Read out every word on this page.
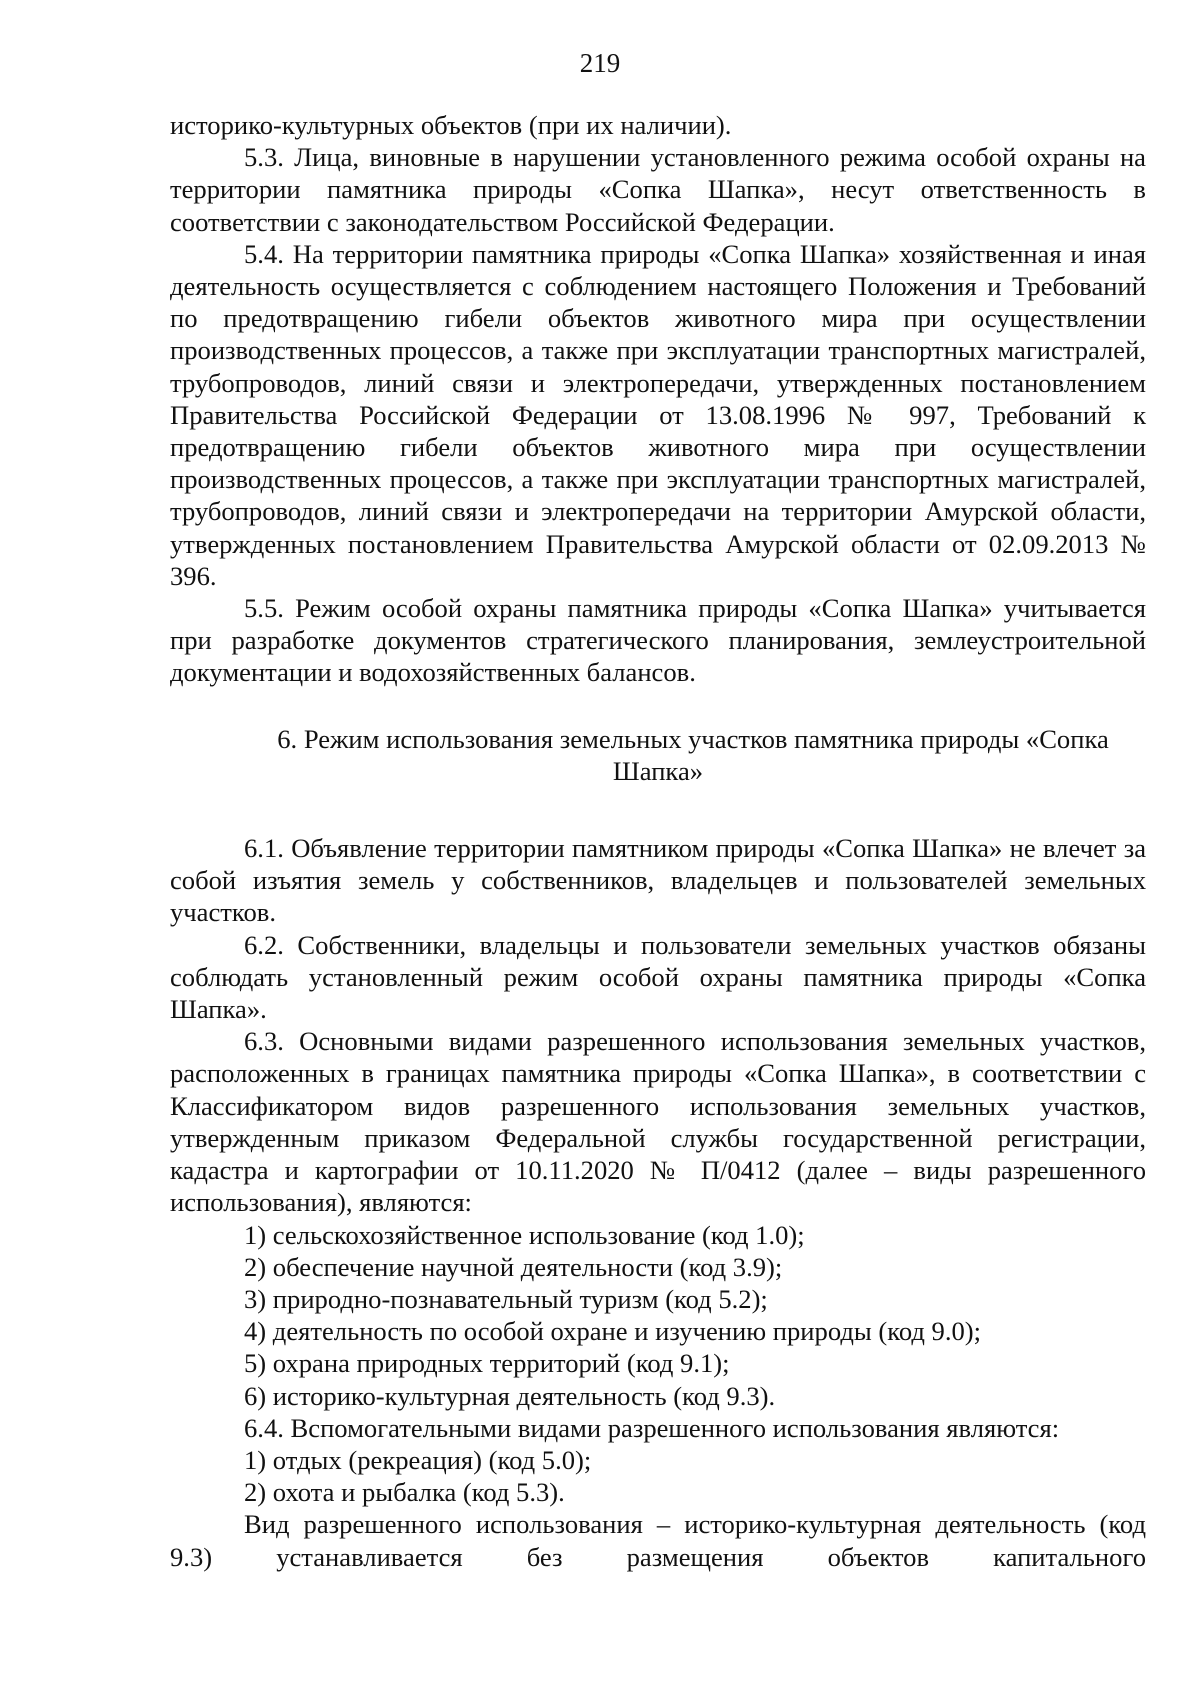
219

историко-культурных объектов (при их наличии).

5.3. Лица, виновные в нарушении установленного режима особой охраны на территории памятника природы «Сопка Шапка», несут ответственность в соответствии с законодательством Российской Федерации.

5.4. На территории памятника природы «Сопка Шапка» хозяйственная и иная деятельность осуществляется с соблюдением настоящего Положения и Требований по предотвращению гибели объектов животного мира при осуществлении производственных процессов, а также при эксплуатации транспортных магистралей, трубопроводов, линий связи и электропередачи, утвержденных постановлением Правительства Российской Федерации от 13.08.1996 № 997, Требований к предотвращению гибели объектов животного мира при осуществлении производственных процессов, а также при эксплуатации транспортных магистралей, трубопроводов, линий связи и электропередачи на территории Амурской области, утвержденных постановлением Правительства Амурской области от 02.09.2013 № 396.

5.5. Режим особой охраны памятника природы «Сопка Шапка» учитывается при разработке документов стратегического планирования, землеустроительной документации и водохозяйственных балансов.

6. Режим использования земельных участков памятника природы «Сопка
Шапка»

6.1. Объявление территории памятником природы «Сопка Шапка» не влечет за собой изъятия земель у собственников, владельцев и пользователей земельных участков.

6.2. Собственники, владельцы и пользователи земельных участков обязаны соблюдать установленный режим особой охраны памятника природы «Сопка Шапка».

6.3. Основными видами разрешенного использования земельных участков, расположенных в границах памятника природы «Сопка Шапка», в соответствии с Классификатором видов разрешенного использования земельных участков, утвержденным приказом Федеральной службы государственной регистрации, кадастра и картографии от 10.11.2020 № П/0412 (далее – виды разрешенного использования), являются:

1) сельскохозяйственное использование (код 1.0);

2) обеспечение научной деятельности (код 3.9);

3) природно-познавательный туризм (код 5.2);

4) деятельность по особой охране и изучению природы (код 9.0);

5) охрана природных территорий (код 9.1);

6) историко-культурная деятельность (код 9.3).

6.4. Вспомогательными видами разрешенного использования являются:

1) отдых (рекреация) (код 5.0);

2) охота и рыбалка (код 5.3).

Вид разрешенного использования – историко-культурная деятельность (код 9.3) устанавливается без размещения объектов капитального
